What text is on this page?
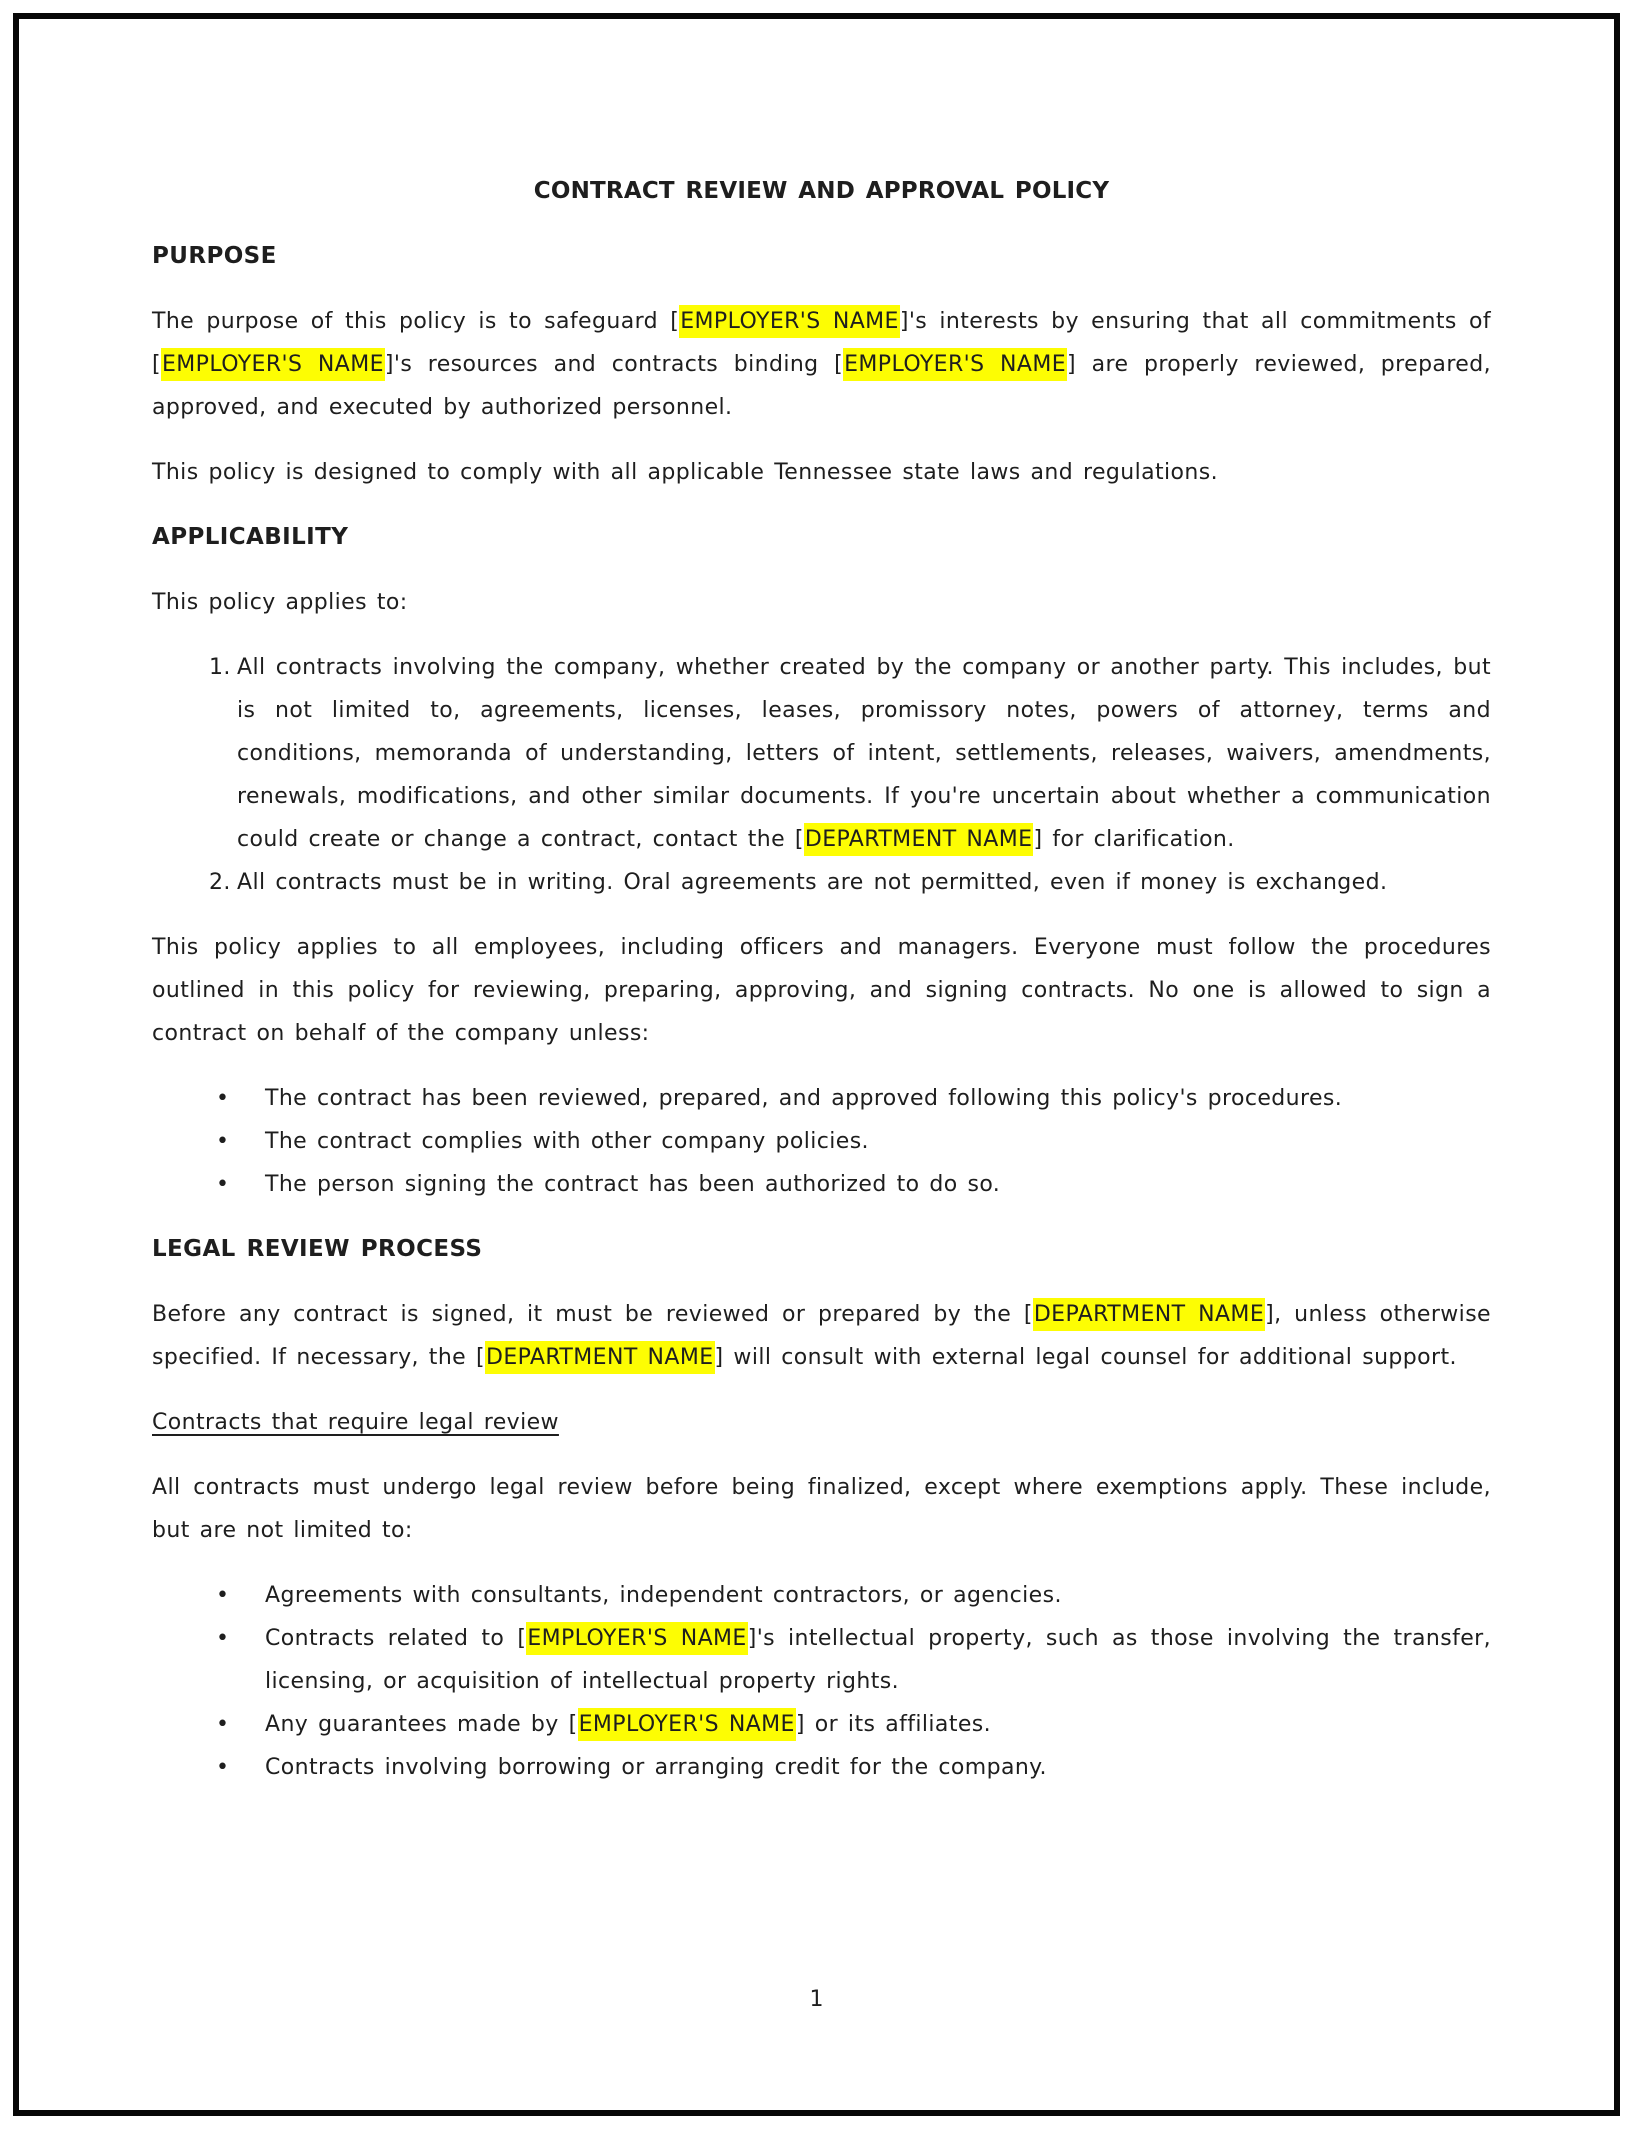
CONTRACT REVIEW AND APPROVAL POLICY
PURPOSE
The purpose of this policy is to safeguard [EMPLOYER'S NAME]'s interests by ensuring that all commitments of [EMPLOYER'S NAME]'s resources and contracts binding [EMPLOYER'S NAME] are properly reviewed, prepared, approved, and executed by authorized personnel.
This policy is designed to comply with all applicable Tennessee state laws and regulations.
APPLICABILITY
This policy applies to:
1. All contracts involving the company, whether created by the company or another party. This includes, but is not limited to, agreements, licenses, leases, promissory notes, powers of attorney, terms and conditions, memoranda of understanding, letters of intent, settlements, releases, waivers, amendments, renewals, modifications, and other similar documents. If you're uncertain about whether a communication could create or change a contract, contact the [DEPARTMENT NAME] for clarification.
2. All contracts must be in writing. Oral agreements are not permitted, even if money is exchanged.
This policy applies to all employees, including officers and managers. Everyone must follow the procedures outlined in this policy for reviewing, preparing, approving, and signing contracts. No one is allowed to sign a contract on behalf of the company unless:
• The contract has been reviewed, prepared, and approved following this policy's procedures.
• The contract complies with other company policies.
• The person signing the contract has been authorized to do so.
LEGAL REVIEW PROCESS
Before any contract is signed, it must be reviewed or prepared by the [DEPARTMENT NAME], unless otherwise specified. If necessary, the [DEPARTMENT NAME] will consult with external legal counsel for additional support.
Contracts that require legal review
All contracts must undergo legal review before being finalized, except where exemptions apply. These include, but are not limited to:
• Agreements with consultants, independent contractors, or agencies.
• Contracts related to [EMPLOYER'S NAME]'s intellectual property, such as those involving the transfer, licensing, or acquisition of intellectual property rights.
• Any guarantees made by [EMPLOYER'S NAME] or its affiliates.
• Contracts involving borrowing or arranging credit for the company.
1
